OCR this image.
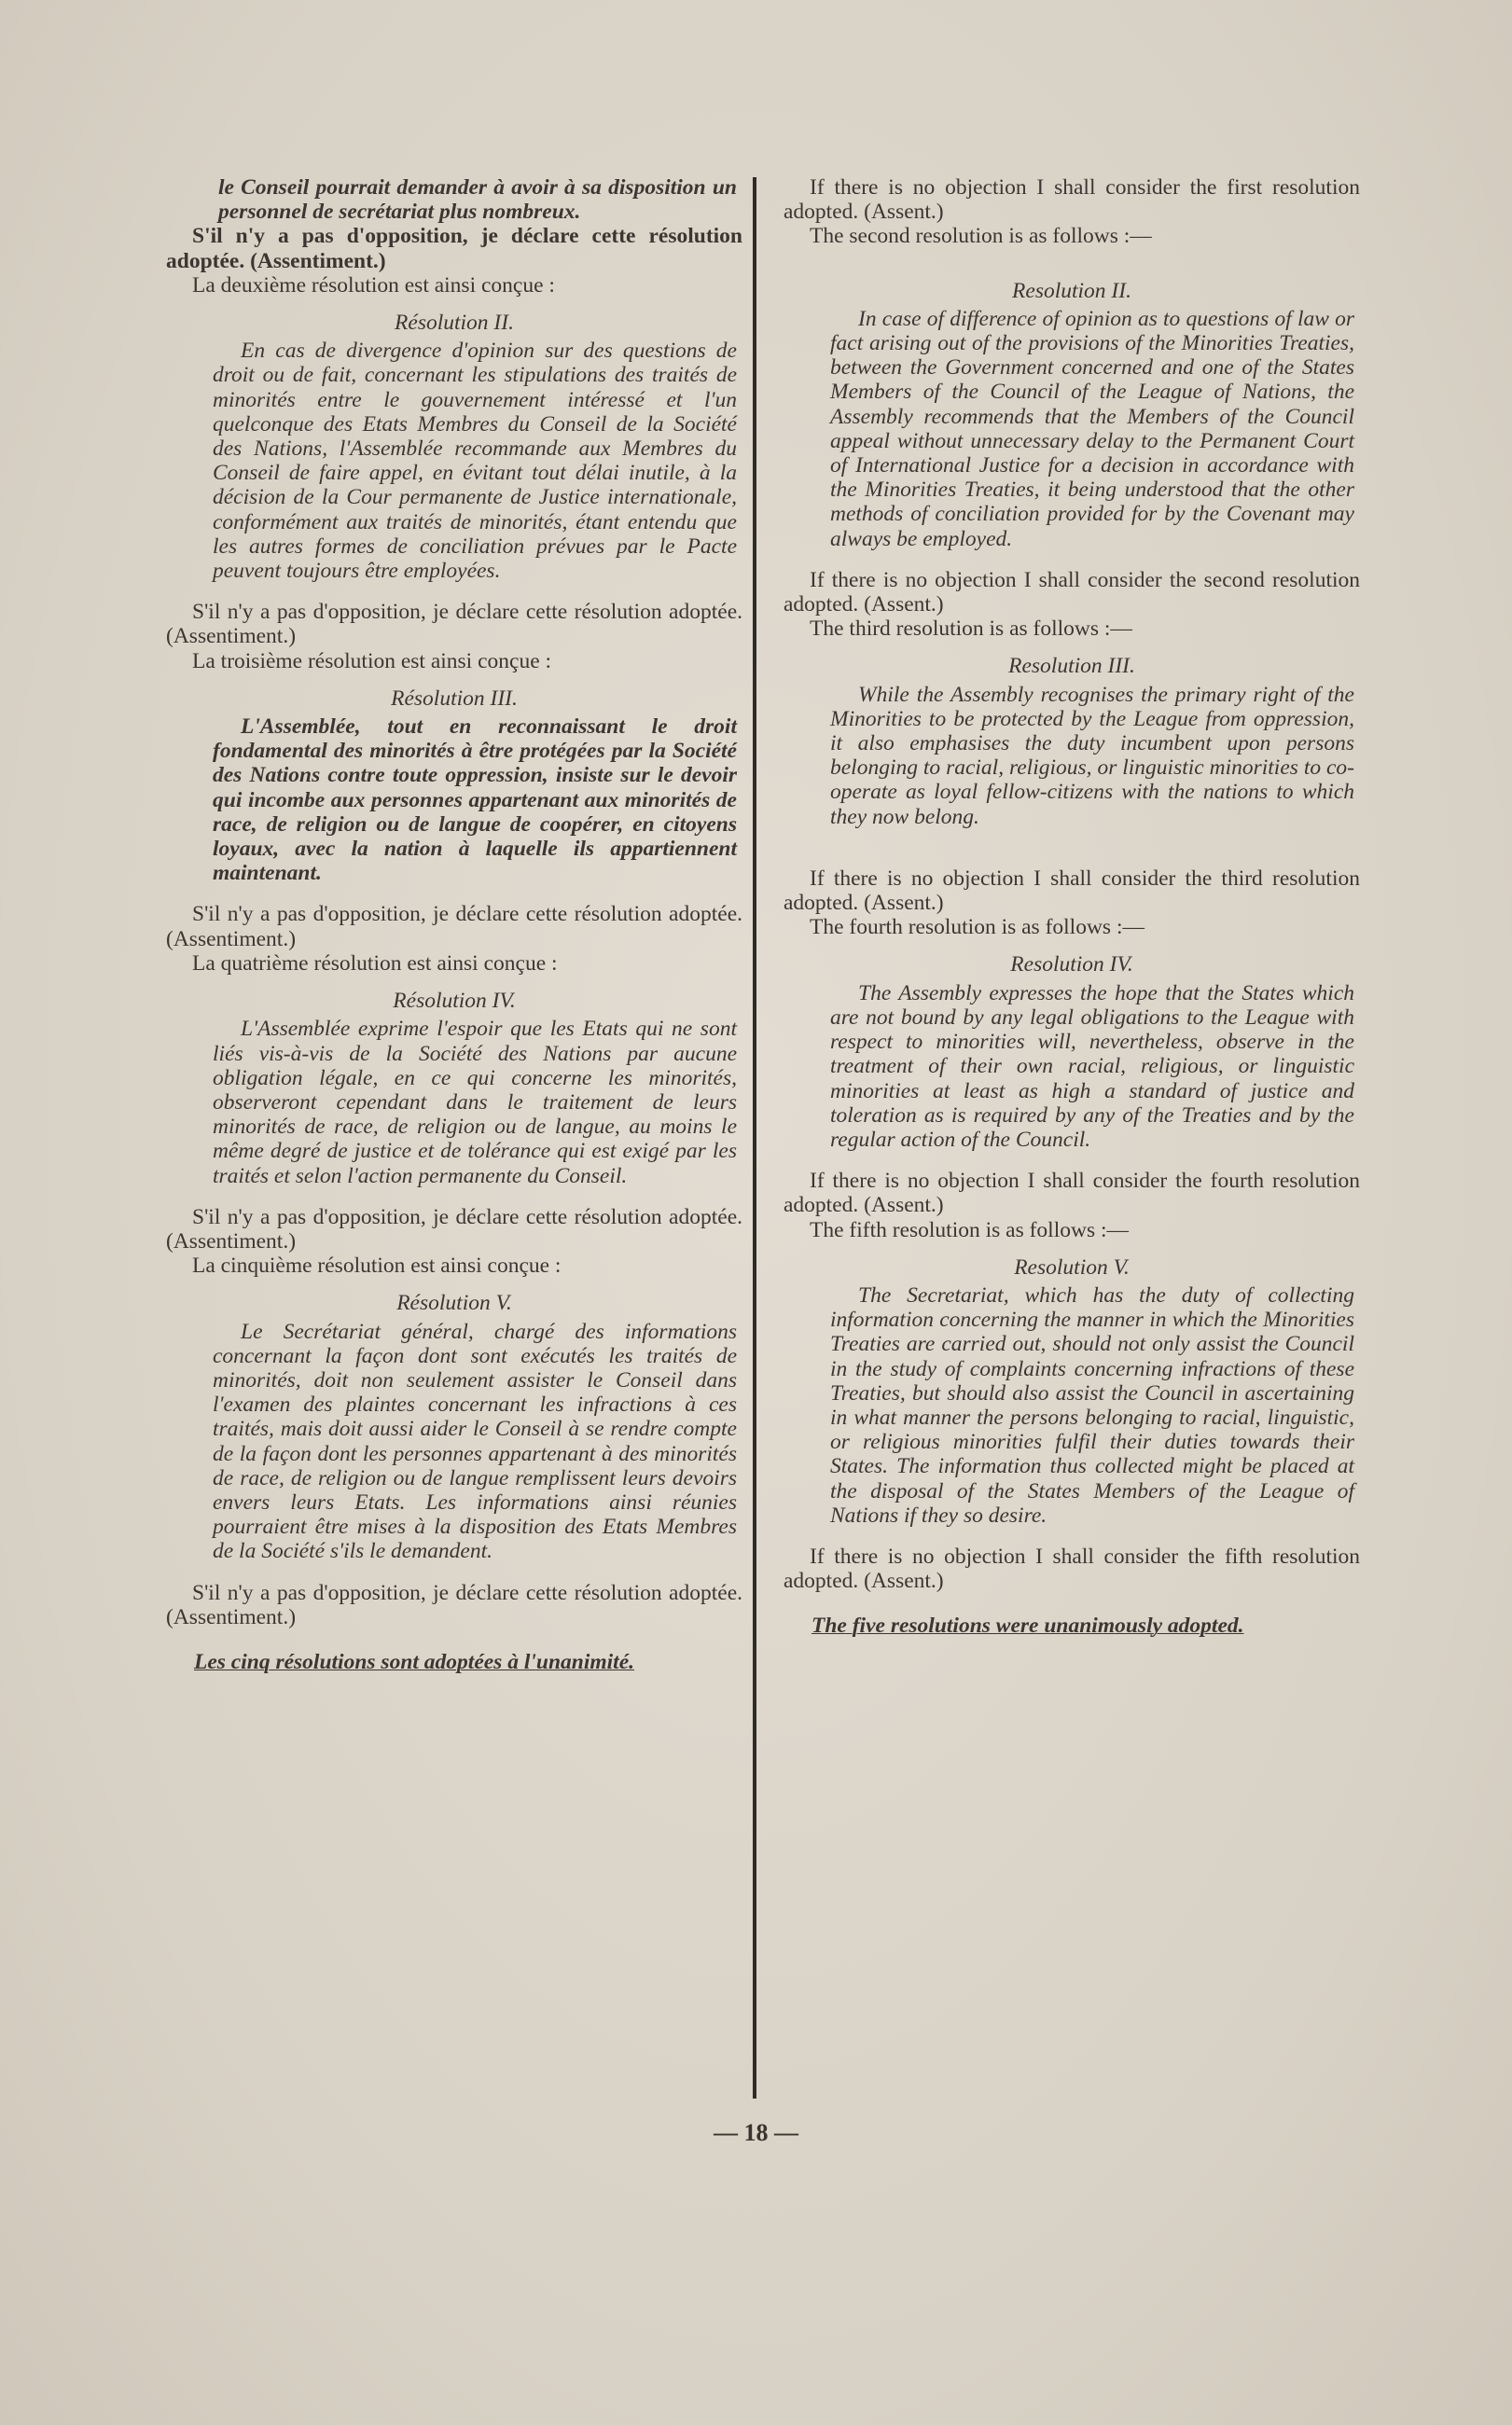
le Conseil pourrait demander à avoir à sa disposition un personnel de secrétariat plus nombreux.

S'il n'y a pas d'opposition, je déclare cette résolution adoptée. (Assentiment.)

La deuxième résolution est ainsi conçue :

Résolution II.

En cas de divergence d'opinion sur des questions de droit ou de fait, concernant les stipulations des traités de minorités entre le gouvernement intéressé et l'un quelconque des Etats Membres du Conseil de la Société des Nations, l'Assemblée recommande aux Membres du Conseil de faire appel, en évitant tout délai inutile, à la décision de la Cour permanente de Justice internationale, conformément aux traités de minorités, étant entendu que les autres formes de conciliation prévues par le Pacte peuvent toujours être employées.

S'il n'y a pas d'opposition, je déclare cette résolution adoptée. (Assentiment.)

La troisième résolution est ainsi conçue :

Résolution III.

L'Assemblée, tout en reconnaissant le droit fondamental des minorités à être protégées par la Société des Nations contre toute oppression, insiste sur le devoir qui incombe aux personnes appartenant aux minorités de race, de religion ou de langue de coopérer, en citoyens loyaux, avec la nation à laquelle ils appartiennent maintenant.

S'il n'y a pas d'opposition, je déclare cette résolution adoptée. (Assentiment.)

La quatrième résolution est ainsi conçue :

Résolution IV.

L'Assemblée exprime l'espoir que les Etats qui ne sont liés vis-à-vis de la Société des Nations par aucune obligation légale, en ce qui concerne les minorités, observeront cependant dans le traitement de leurs minorités de race, de religion ou de langue, au moins le même degré de justice et de tolérance qui est exigé par les traités et selon l'action permanente du Conseil.

S'il n'y a pas d'opposition, je déclare cette résolution adoptée. (Assentiment.)

La cinquième résolution est ainsi conçue :

Résolution V.

Le Secrétariat général, chargé des informations concernant la façon dont sont exécutés les traités de minorités, doit non seulement assister le Conseil dans l'examen des plaintes concernant les infractions à ces traités, mais doit aussi aider le Conseil à se rendre compte de la façon dont les personnes appartenant à des minorités de race, de religion ou de langue remplissent leurs devoirs envers leurs Etats. Les informations ainsi réunies pourraient être mises à la disposition des Etats Membres de la Société s'ils le demandent.

S'il n'y a pas d'opposition, je déclare cette résolution adoptée. (Assentiment.)

Les cinq résolutions sont adoptées à l'unanimité.

If there is no objection I shall consider the first resolution adopted. (Assent.)

The second resolution is as follows :—

Resolution II.

In case of difference of opinion as to questions of law or fact arising out of the provisions of the Minorities Treaties, between the Government concerned and one of the States Members of the Council of the League of Nations, the Assembly recommends that the Members of the Council appeal without unnecessary delay to the Permanent Court of International Justice for a decision in accordance with the Minorities Treaties, it being understood that the other methods of conciliation provided for by the Covenant may always be employed.

If there is no objection I shall consider the second resolution adopted. (Assent.)

The third resolution is as follows :—

Resolution III.

While the Assembly recognises the primary right of the Minorities to be protected by the League from oppression, it also emphasises the duty incumbent upon persons belonging to racial, religious, or linguistic minorities to co-operate as loyal fellow-citizens with the nations to which they now belong.

If there is no objection I shall consider the third resolution adopted. (Assent.)

The fourth resolution is as follows :—

Resolution IV.

The Assembly expresses the hope that the States which are not bound by any legal obligations to the League with respect to minorities will, nevertheless, observe in the treatment of their own racial, religious, or linguistic minorities at least as high a standard of justice and toleration as is required by any of the Treaties and by the regular action of the Council.

If there is no objection I shall consider the fourth resolution adopted. (Assent.)

The fifth resolution is as follows :—

Resolution V.

The Secretariat, which has the duty of collecting information concerning the manner in which the Minorities Treaties are carried out, should not only assist the Council in the study of complaints concerning infractions of these Treaties, but should also assist the Council in ascertaining in what manner the persons belonging to racial, linguistic, or religious minorities fulfil their duties towards their States. The information thus collected might be placed at the disposal of the States Members of the League of Nations if they so desire.

If there is no objection I shall consider the fifth resolution adopted. (Assent.)

The five resolutions were unanimously adopted.

— 18 —
